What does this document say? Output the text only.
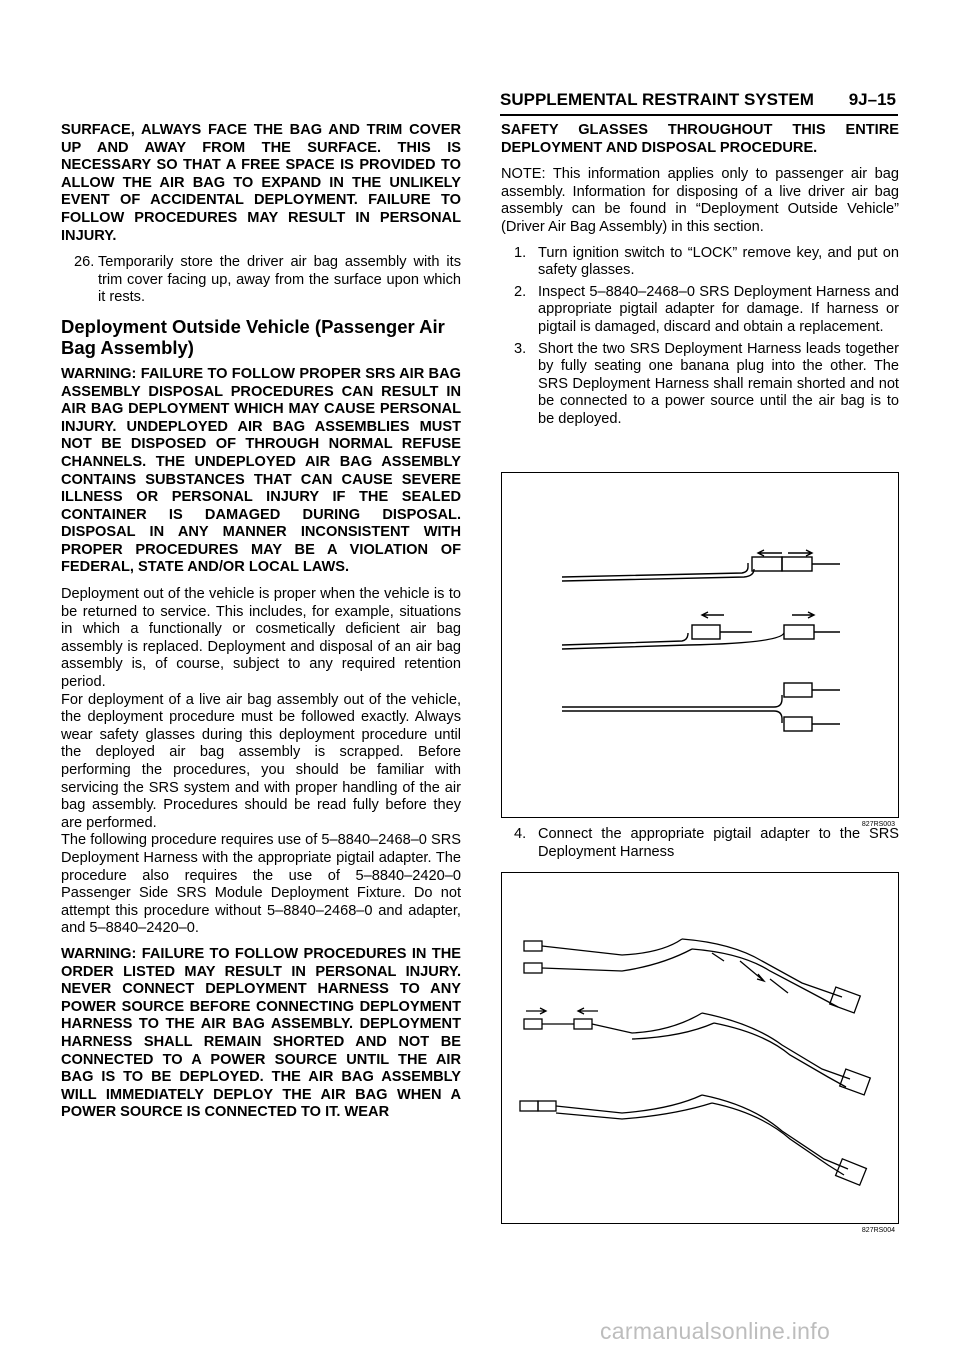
SUPPLEMENTAL RESTRAINT SYSTEM 9J–15

SURFACE, ALWAYS FACE THE BAG AND TRIM COVER UP AND AWAY FROM THE SURFACE. THIS IS NECESSARY SO THAT A FREE SPACE IS PROVIDED TO ALLOW THE AIR BAG TO EXPAND IN THE UNLIKELY EVENT OF ACCIDENTAL DEPLOYMENT. FAILURE TO FOLLOW PROCEDURES MAY RESULT IN PERSONAL INJURY.

26. Temporarily store the driver air bag assembly with its trim cover facing up, away from the surface upon which it rests.
Deployment Outside Vehicle (Passenger Air Bag Assembly)

WARNING: FAILURE TO FOLLOW PROPER SRS AIR BAG ASSEMBLY DISPOSAL PROCEDURES CAN RESULT IN AIR BAG DEPLOYMENT WHICH MAY CAUSE PERSONAL INJURY. UNDEPLOYED AIR BAG ASSEMBLIES MUST NOT BE DISPOSED OF THROUGH NORMAL REFUSE CHANNELS. THE UNDEPLOYED AIR BAG ASSEMBLY CONTAINS SUBSTANCES THAT CAN CAUSE SEVERE ILLNESS OR PERSONAL INJURY IF THE SEALED CONTAINER IS DAMAGED DURING DISPOSAL. DISPOSAL IN ANY MANNER INCONSISTENT WITH PROPER PROCEDURES MAY BE A VIOLATION OF FEDERAL, STATE AND/OR LOCAL LAWS.

Deployment out of the vehicle is proper when the vehicle is to be returned to service. This includes, for example, situations in which a functionally or cosmetically deficient air bag assembly is replaced. Deployment and disposal of an air bag assembly is, of course, subject to any required retention period.

For deployment of a live air bag assembly out of the vehicle, the deployment procedure must be followed exactly. Always wear safety glasses during this deployment procedure until the deployed air bag assembly is scrapped. Before performing the procedures, you should be familiar with servicing the SRS system and with proper handling of the air bag assembly. Procedures should be read fully before they are performed.

The following procedure requires use of 5–8840–2468–0 SRS Deployment Harness with the appropriate pigtail adapter. The procedure also requires the use of 5–8840–2420–0 Passenger Side SRS Module Deployment Fixture. Do not attempt this procedure without 5–8840–2468–0 and adapter, and 5–8840–2420–0.

WARNING: FAILURE TO FOLLOW PROCEDURES IN THE ORDER LISTED MAY RESULT IN PERSONAL INJURY. NEVER CONNECT DEPLOYMENT HARNESS TO ANY POWER SOURCE BEFORE CONNECTING DEPLOYMENT HARNESS TO THE AIR BAG ASSEMBLY. DEPLOYMENT HARNESS SHALL REMAIN SHORTED AND NOT BE CONNECTED TO A POWER SOURCE UNTIL THE AIR BAG IS TO BE DEPLOYED. THE AIR BAG ASSEMBLY WILL IMMEDIATELY DEPLOY THE AIR BAG WHEN A POWER SOURCE IS CONNECTED TO IT. WEAR

SAFETY GLASSES THROUGHOUT THIS ENTIRE DEPLOYMENT AND DISPOSAL PROCEDURE.

NOTE: This information applies only to passenger air bag assembly. Information for disposing of a live driver air bag assembly can be found in “Deployment Outside Vehicle” (Driver Air Bag Assembly) in this section.

1. Turn ignition switch to “LOCK” remove key, and put on safety glasses.
2. Inspect 5–8840–2468–0 SRS Deployment Harness and appropriate pigtail adapter for damage. If harness or pigtail is damaged, discard and obtain a replacement.
3. Short the two SRS Deployment Harness leads together by fully seating one banana plug into the other. The SRS Deployment Harness shall remain shorted and not be connected to a power source until the air bag is to be deployed.
827RS003
4. Connect the appropriate pigtail adapter to the SRS Deployment Harness
827RS004
carmanualsonline.info
